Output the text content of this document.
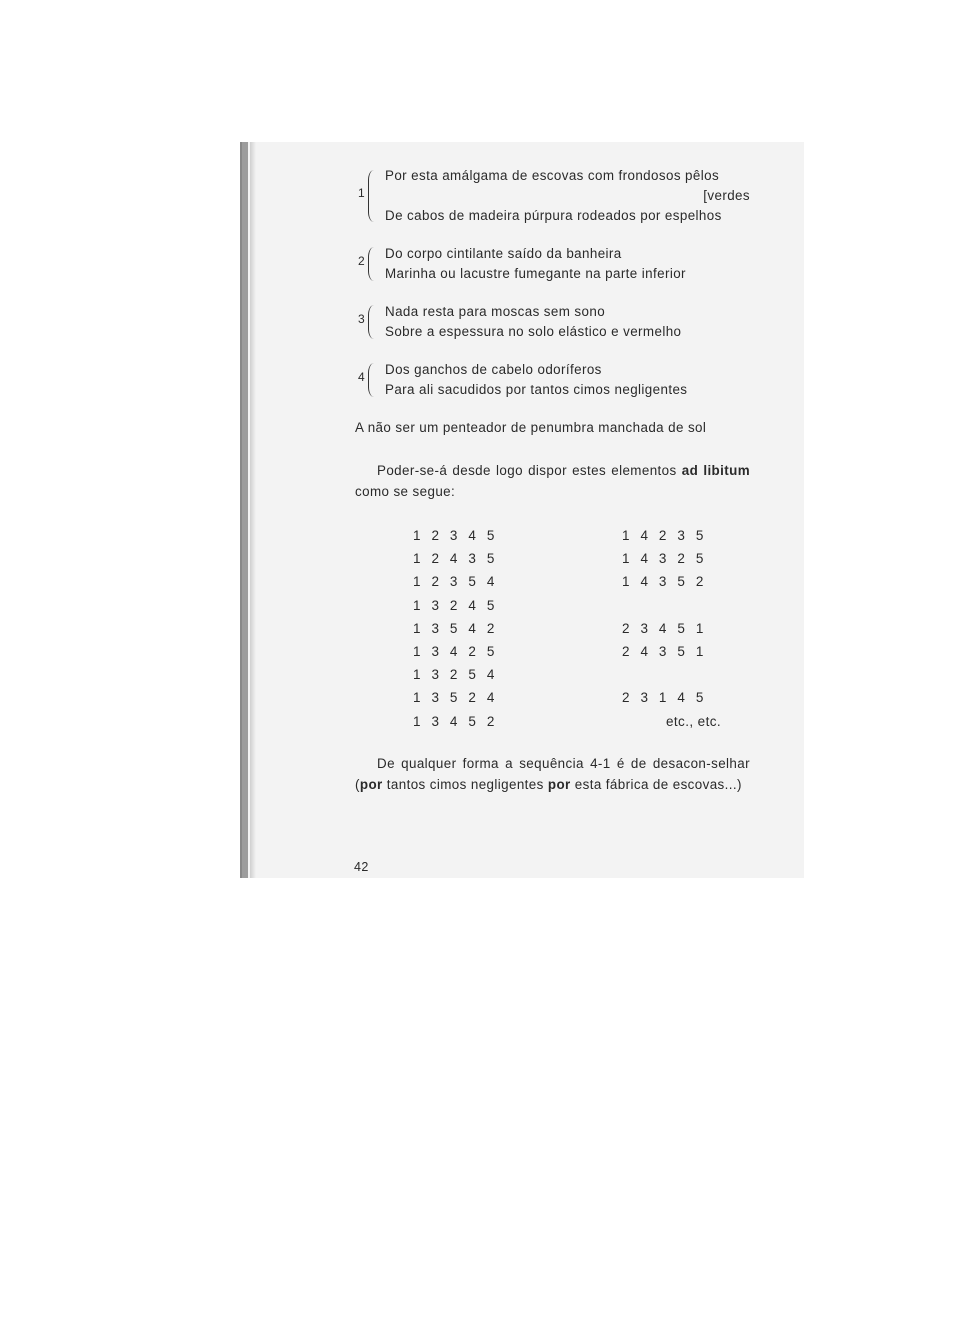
1
Por esta amálgama de escovas com frondosos pêlos
[verdes
De cabos de madeira púrpura rodeados por espelhos
2 Do corpo cintilante saído da banheira
Marinha ou lacustre fumegante na parte inferior
3 Nada resta para moscas sem sono
Sobre a espessura no solo elástico e vermelho
4 Dos ganchos de cabelo odoríferos
Para ali sacudidos por tantos cimos negligentes
A não ser um penteador de penumbra manchada de sol

Poder-se-á desde logo dispor estes elementos ad libitum como se segue:

1 2 3 4 5
1 2 4 3 5
1 2 3 5 4
1 3 2 4 5
1 3 5 4 2
1 3 4 2 5
1 3 2 5 4
1 3 5 2 4
1 3 4 5 2
1 4 2 3 5
1 4 3 2 5
1 4 3 5 2
2 3 4 5 1
2 4 3 5 1
2 3 1 4 5
etc., etc.

De qualquer forma a sequência 4-1 é de desacon-selhar (por tantos cimos negligentes por esta fábrica de escovas...)

42
